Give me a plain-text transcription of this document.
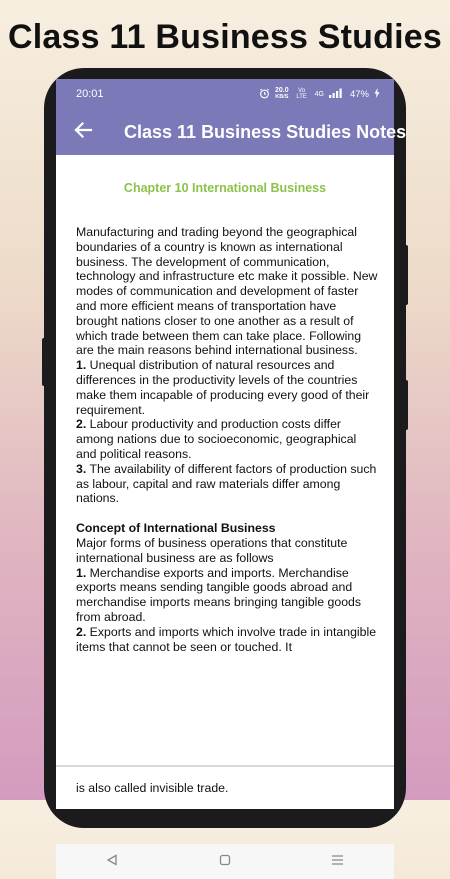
Class 11 Business Studies
20:01	20.0
KB/S
Vo LTE	4G	47%
Class 11 Business Studies Notes
Chapter 10 International Business

Manufacturing and trading beyond the geographical boundaries of a country is known as international business. The development of communication, technology and infrastructure etc make it possible. New modes of communication and development of faster and more efficient means of transportation have brought nations closer to one another as a result of which trade between them can take place. Following are the main reasons behind international business.

1. Unequal distribution of natural resources and differences in the productivity levels of the countries make them incapable of producing every good of their requirement.

2. Labour productivity and production costs differ among nations due to socioeconomic, geographical and political reasons.

3. The availability of different factors of production such as labour, capital and raw materials differ among nations.

Concept of International Business

Major forms of business operations that constitute international business are as follows

1. Merchandise exports and imports. Merchandise exports means sending tangible goods abroad and merchandise imports means bringing tangible goods from abroad.

2. Exports and imports which involve trade in intangible items that cannot be seen or touched. It

is also called invisible trade.
